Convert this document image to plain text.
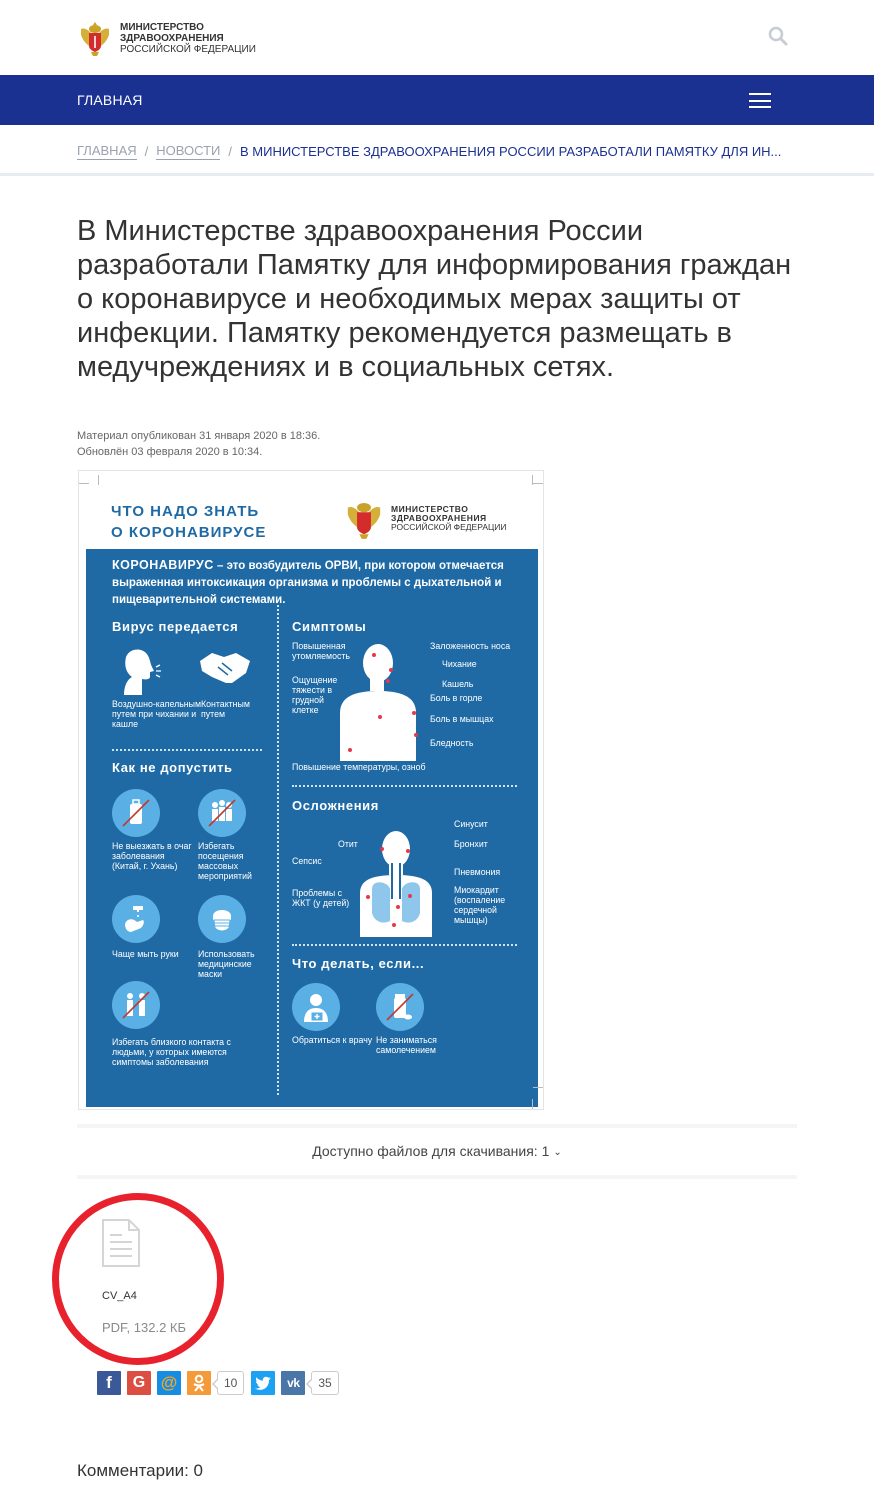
МИНИСТЕРСТВО
ЗДРАВООХРАНЕНИЯ
РОССИЙСКОЙ ФЕДЕРАЦИИ
ГЛАВНАЯ
ГЛАВНАЯ / НОВОСТИ / В МИНИСТЕРСТВЕ ЗДРАВООХРАНЕНИЯ РОССИИ РАЗРАБОТАЛИ ПАМЯТКУ ДЛЯ ИН...
В Министерстве здравоохранения России разработали Памятку для информирования граждан о коронавирусе и необходимых мерах защиты от инфекции. Памятку рекомендуется размещать в медучреждениях и в социальных сетях.
Материал опубликован 31 января 2020 в 18:36.
Обновлён 03 февраля 2020 в 10:34.
ЧТО НАДО ЗНАТЬ
О КОРОНАВИРУСЕ
МИНИСТЕРСТВО
ЗДРАВООХРАНЕНИЯ
РОССИЙСКОЙ ФЕДЕРАЦИИ
КОРОНАВИРУС – это возбудитель ОРВИ, при котором отмечается выраженная интоксикация организма и проблемы с дыхательной и пищеварительной системами.
Вирус передается
Воздушно-капельным путем при чихании и кашле
Контактным путем
Как не допустить
Не выезжать в очаг заболевания (Китай, г. Ухань)
Избегать посещения массовых мероприятий
Чаще мыть руки	Использовать медицинские маски
Избегать близкого контакта с людьми, у которых имеются симптомы заболевания
Симптомы
Повышенная утомляемость
Ощущение тяжести в грудной клетке
Заложенность носа
Чихание
Кашель
Боль в горле
Боль в мышцах
Бледность
Повышение температуры, озноб
Осложнения
Отит
Сепсис
Проблемы с ЖКТ (у детей)
Синусит
Бронхит
Пневмония
Миокардит (воспаление сердечной мышцы)
Что делать, если...
Обратиться к врачу Не заниматься самолечением
Доступно файлов для скачивания: 1 ⌄
CV_A4
PDF, 132.2 КБ
f G @	10	vk	35
Комментарии: 0
